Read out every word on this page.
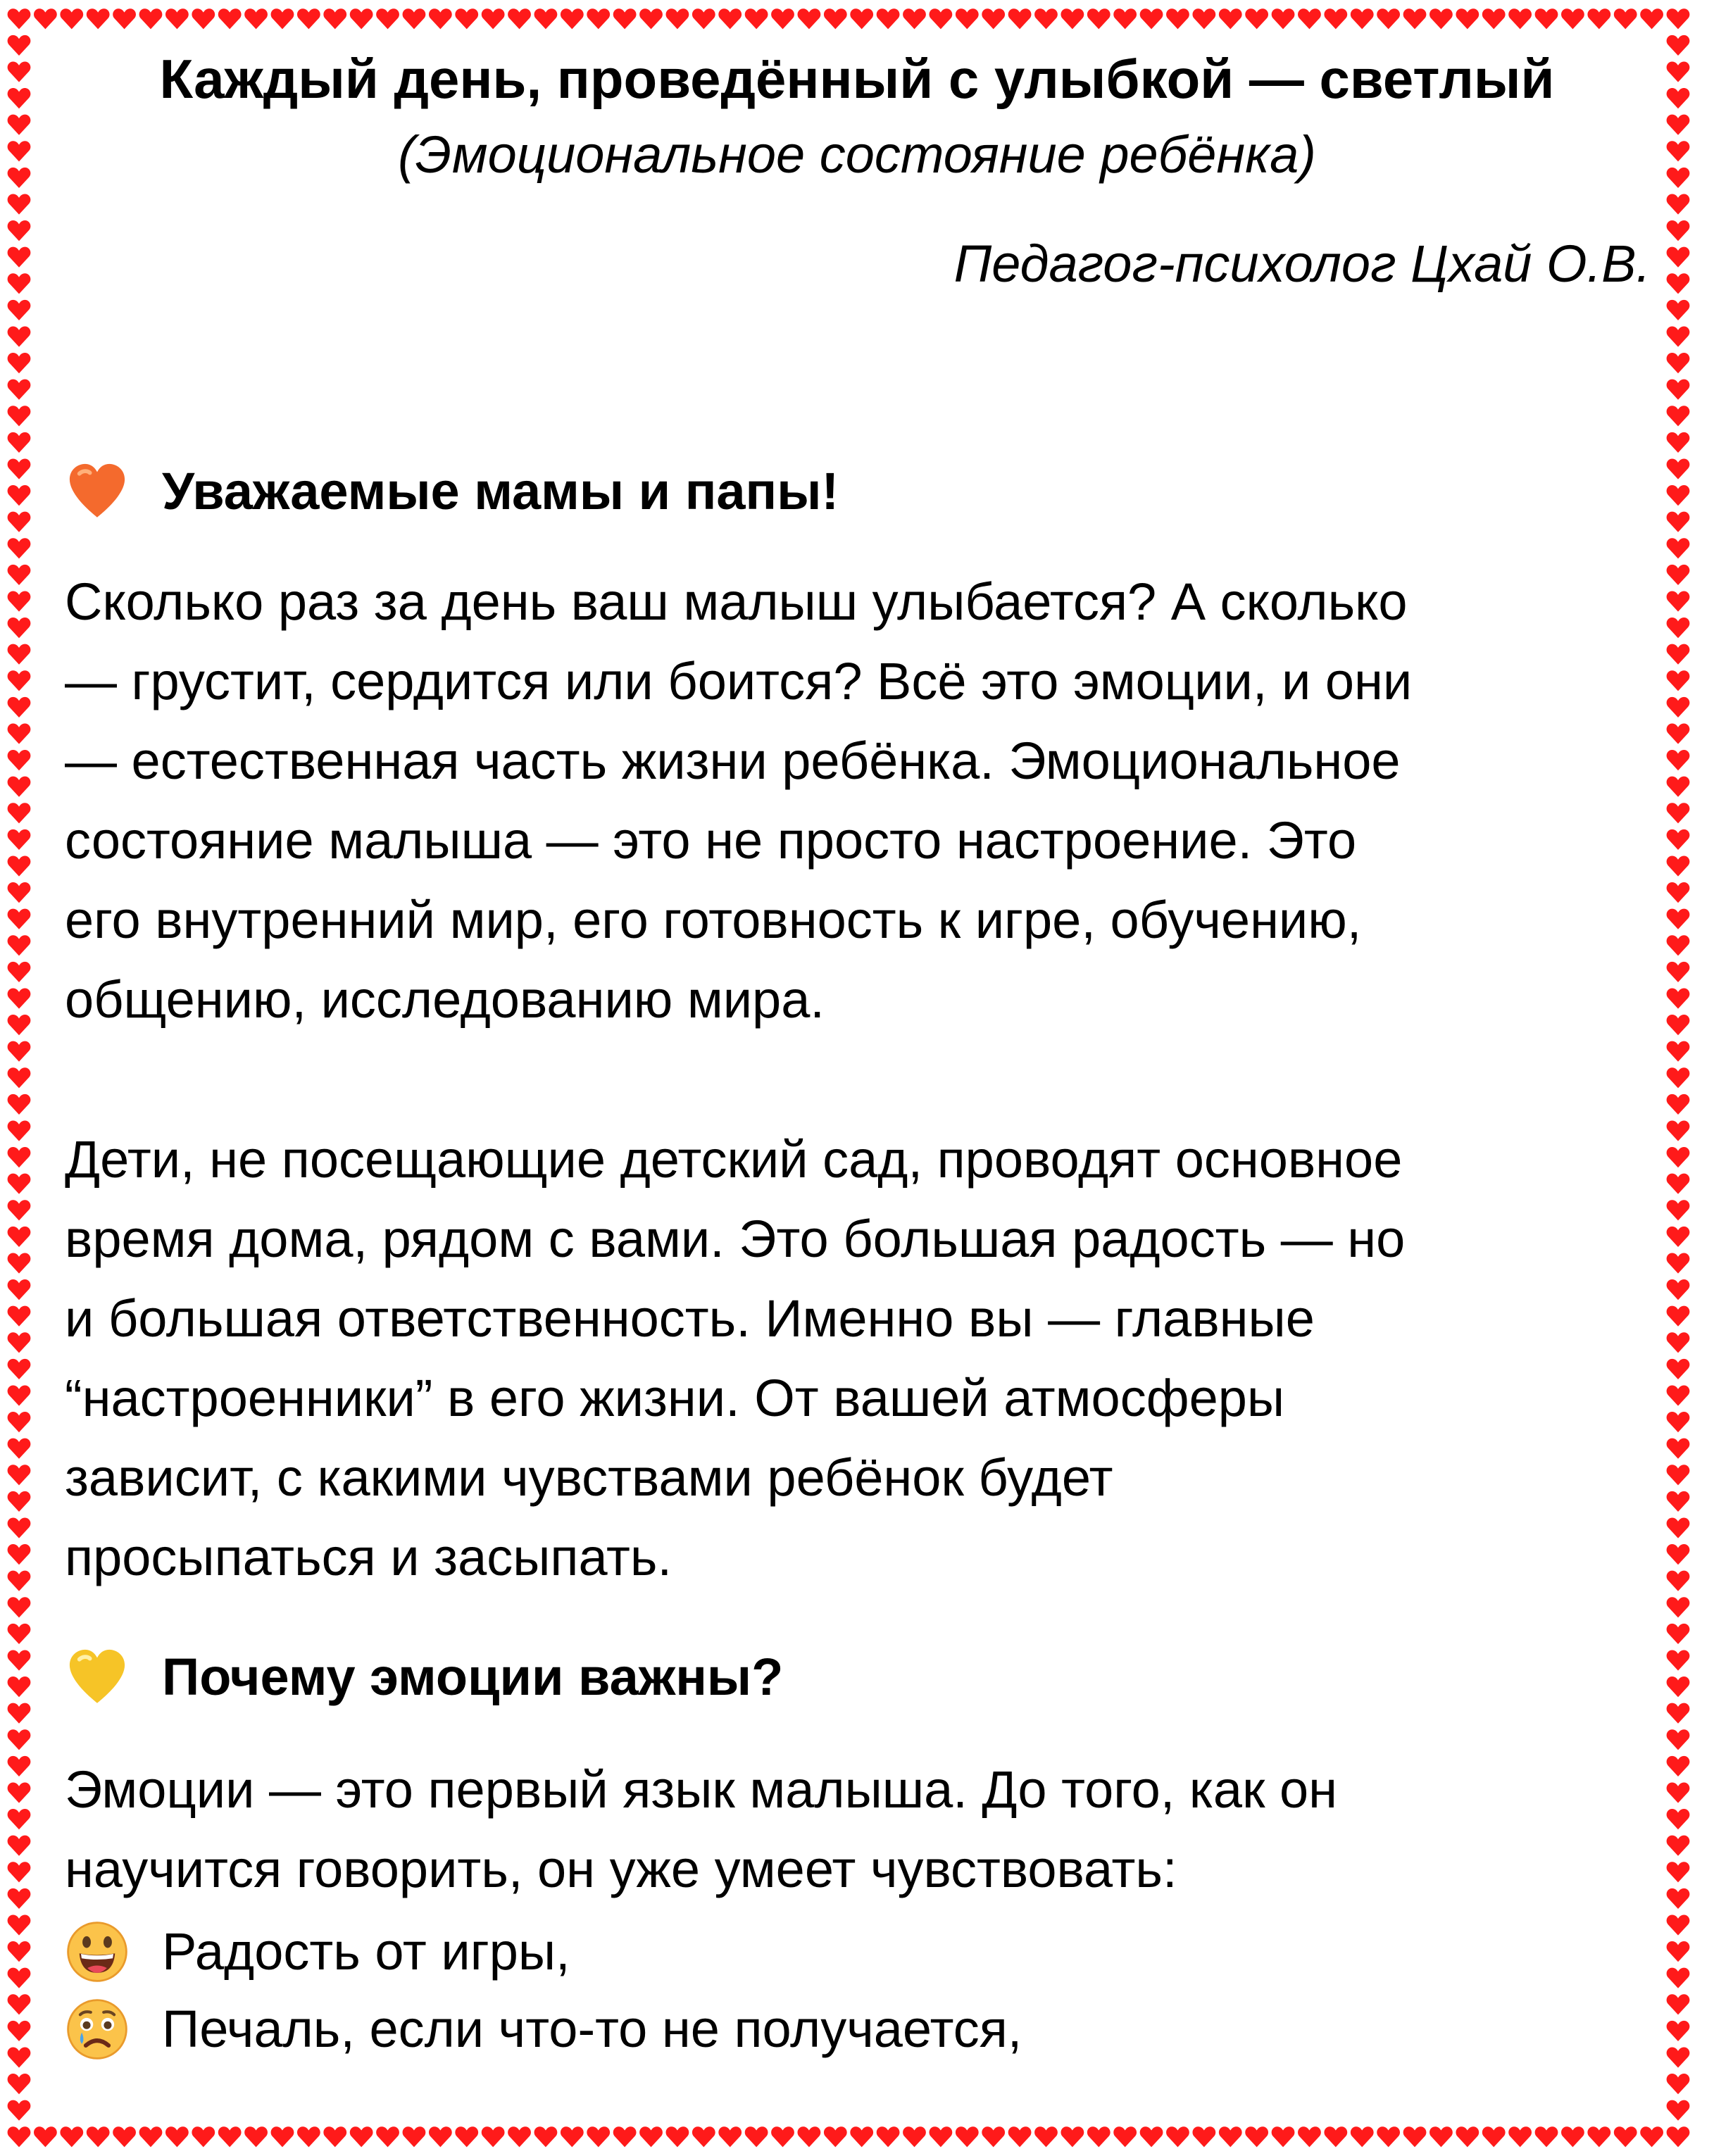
Каждый день, проведённый с улыбкой — светлый

(Эмоциональное состояние ребёнка)

Педагог-психолог Цхай О.В.

Уважаемые мамы и папы!

Сколько раз за день ваш малыш улыбается? А сколько
— грустит, сердится или боится? Всё это эмоции, и они
— естественная часть жизни ребёнка. Эмоциональное
состояние малыша — это не просто настроение. Это
его внутренний мир, его готовность к игре, обучению,
общению, исследованию мира.

Дети, не посещающие детский сад, проводят основное
время дома, рядом с вами. Это большая радость — но
и большая ответственность. Именно вы — главные
“настроенники” в его жизни. От вашей атмосферы
зависит, с какими чувствами ребёнок будет
просыпаться и засыпать.

Почему эмоции важны?

Эмоции — это первый язык малыша. До того, как он
научится говорить, он уже умеет чувствовать:

Радость от игры,
Печаль, если что-то не получается,
